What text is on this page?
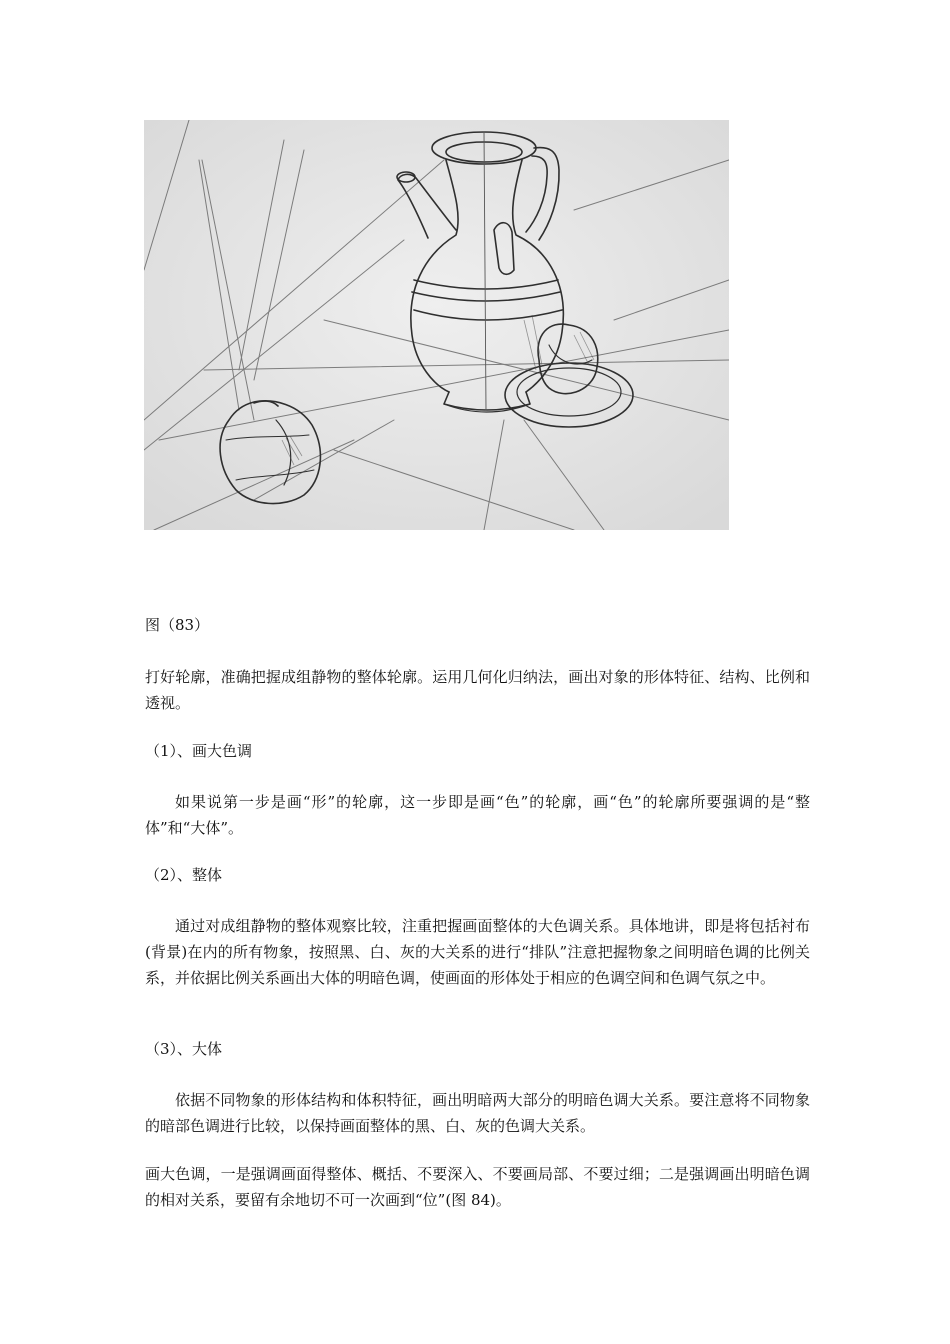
图（83）

打好轮廓，准确把握成组静物的整体轮廓。运用几何化归纳法，画出对象的形体特征、结构、比例和透视。

（1）、画大色调

如果说第一步是画“形”的轮廓，这一步即是画“色”的轮廓，画“色”的轮廓所要强调的是“整体”和“大体”。

（2）、整体

通过对成组静物的整体观察比较，注重把握画面整体的大色调关系。具体地讲，即是将包括衬布(背景)在内的所有物象，按照黑、白、灰的大关系的进行“排队”注意把握物象之间明暗色调的比例关系，并依据比例关系画出大体的明暗色调，使画面的形体处于相应的色调空间和色调气氛之中。

（3）、大体

依据不同物象的形体结构和体积特征，画出明暗两大部分的明暗色调大关系。要注意将不同物象的暗部色调进行比较，以保持画面整体的黑、白、灰的色调大关系。

画大色调，一是强调画面得整体、概括、不要深入、不要画局部、不要过细；二是强调画出明暗色调的相对关系，要留有余地切不可一次画到“位”(图 84)。
